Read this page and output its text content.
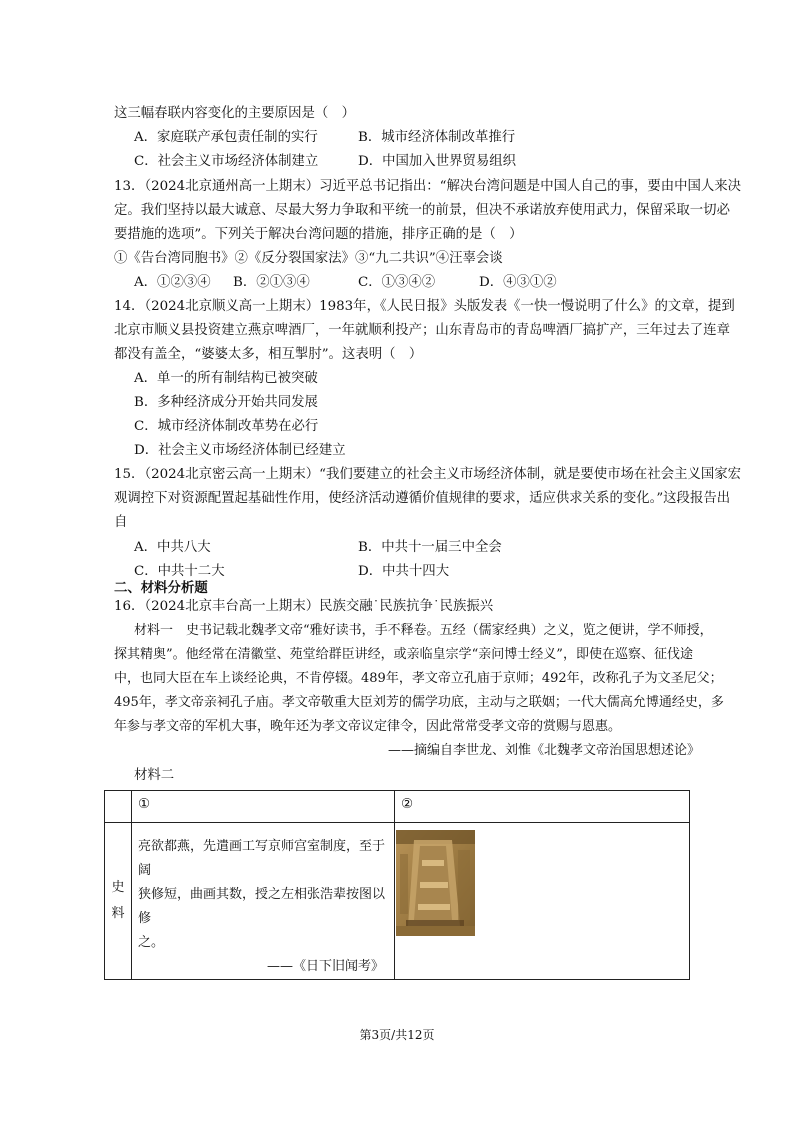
这三幅春联内容变化的主要原因是（　）
A．家庭联产承包责任制的实行	B．城市经济体制改革推行
C．社会主义市场经济体制建立	D．中国加入世界贸易组织
13．（2024北京通州高一上期末）习近平总书记指出：“解决台湾问题是中国人自己的事，要由中国人来决
定。我们坚持以最大诚意、尽最大努力争取和平统一的前景，但决不承诺放弃使用武力，保留采取一切必
要措施的选项”。下列关于解决台湾问题的措施，排序正确的是（　）
①《告台湾同胞书》②《反分裂国家法》③“九二共识”④汪辜会谈
A．①②③④ B．②①③④	C．①③④②	D．④③①②
14．（2024北京顺义高一上期末）1983年，《人民日报》头版发表《一快一慢说明了什么》的文章，提到
北京市顺义县投资建立燕京啤酒厂，一年就顺利投产；山东青岛市的青岛啤酒厂搞扩产，三年过去了连章
都没有盖全，“婆婆太多，相互掣肘”。这表明（　）
A．单一的所有制结构已被突破
B．多种经济成分开始共同发展
C．城市经济体制改革势在必行
D．社会主义市场经济体制已经建立
15．（2024北京密云高一上期末）“我们要建立的社会主义市场经济体制，就是要使市场在社会主义国家宏
观调控下对资源配置起基础性作用，使经济活动遵循价值规律的要求，适应供求关系的变化。”这段报告出
自
A．中共八大	B．中共十一届三中全会
C．中共十二大	D．中共十四大
二、材料分析题
16．（2024北京丰台高一上期末）民族交融˙民族抗争˙民族振兴
材料一　史书记载北魏孝文帝“雅好读书，手不释卷。五经（儒家经典）之义，览之便讲，学不师授，
探其精奥”。他经常在清徽堂、苑堂给群臣讲经，或亲临皇宗学“亲问博士经义”，即使在巡察、征伐途
中，也同大臣在车上谈经论典，不肯停辍。489年，孝文帝立孔庙于京师；492年，改称孔子为文圣尼父；
495年，孝文帝亲祠孔子庙。孝文帝敬重大臣刘芳的儒学功底，主动与之联姻；一代大儒高允博通经史，多
年参与孝文帝的军机大事，晚年还为孝文帝议定律令，因此常常受孝文帝的赏赐与恩惠。
——摘编自李世龙、刘惟《北魏孝文帝治国思想述论》
材料二
	①	②
史料	亮欲都燕，先遣画工写京师宫室制度，至于阔
狭修短，曲画其数，授之左相张浩辈按图以修
之。
——《日下旧闻考》	

第3页/共12页
